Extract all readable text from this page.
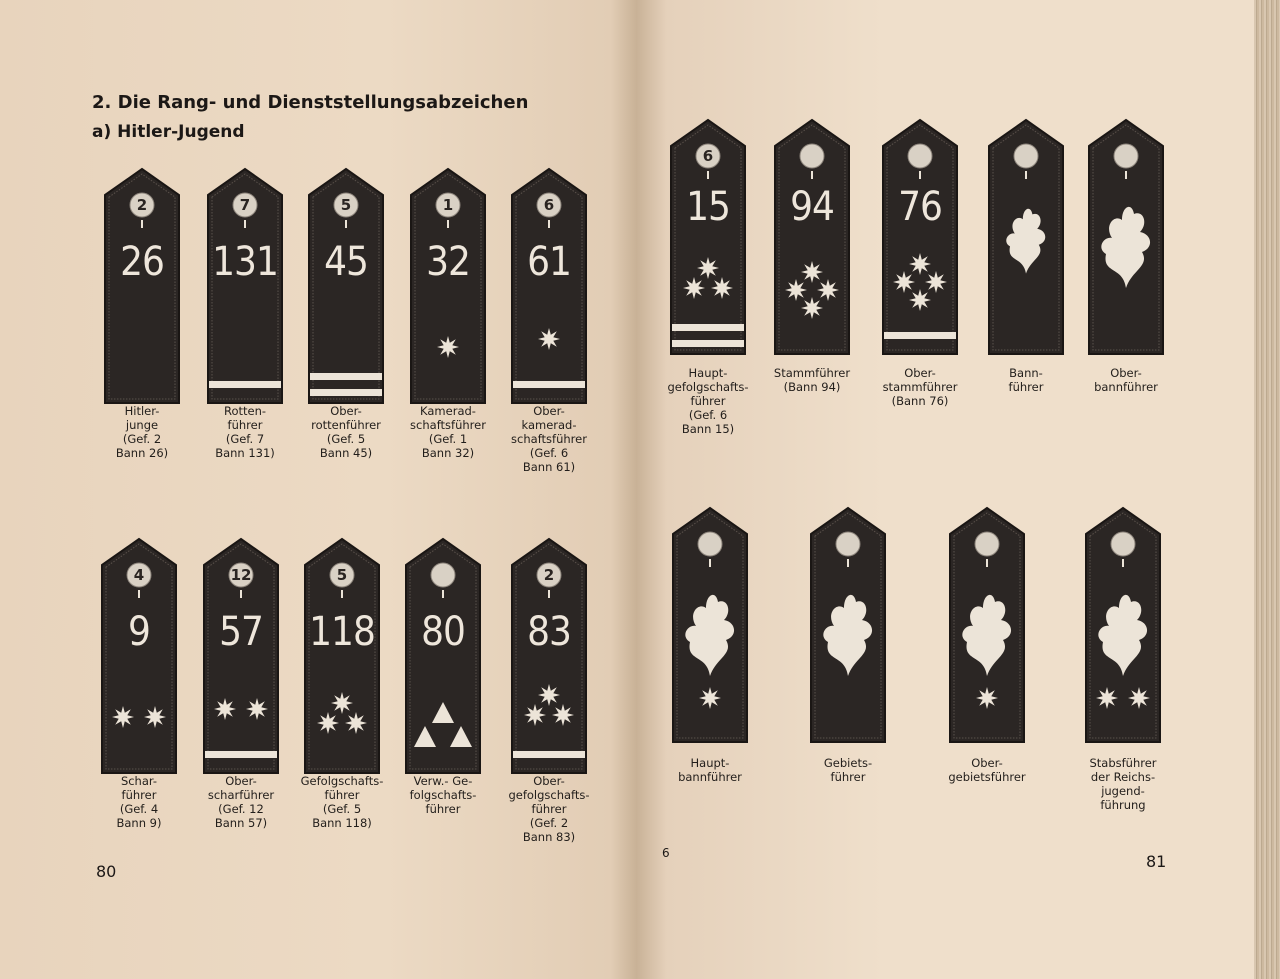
2. Die Rang- und Dienststellungsabzeichen
a) Hitler-Jugend
2
26
Hitler-
junge
(Gef. 2
Bann 26)
7
131
Rotten-
führer
(Gef. 7
Bann 131)
5
45
Ober-
rottenführer
(Gef. 5
Bann 45)
1
32
Kamerad-
schaftsführer
(Gef. 1
Bann 32)
6
61
Ober-
kamerad-
schaftsführer
(Gef. 6
Bann 61)
4
9
Schar-
führer
(Gef. 4
Bann 9)
12
57
Ober-
scharführer
(Gef. 12
Bann 57)
5
118
Gefolgschafts-
führer
(Gef. 5
Bann 118)
80
Verw.- Ge-
folgschafts-
führer
2
83
Ober-
gefolgschafts-
führer
(Gef. 2
Bann 83)
80
6
15
Haupt-
gefolgschafts-
führer
(Gef. 6
Bann 15)
94
Stammführer
(Bann 94)
76
Ober-
stammführer
(Bann 76)
Bann-
führer
Ober-
bannführer
Haupt-
bannführer
Gebiets-
führer
Ober-
gebietsführer
Stabsführer
der Reichs-
jugend-
führung
6	81
